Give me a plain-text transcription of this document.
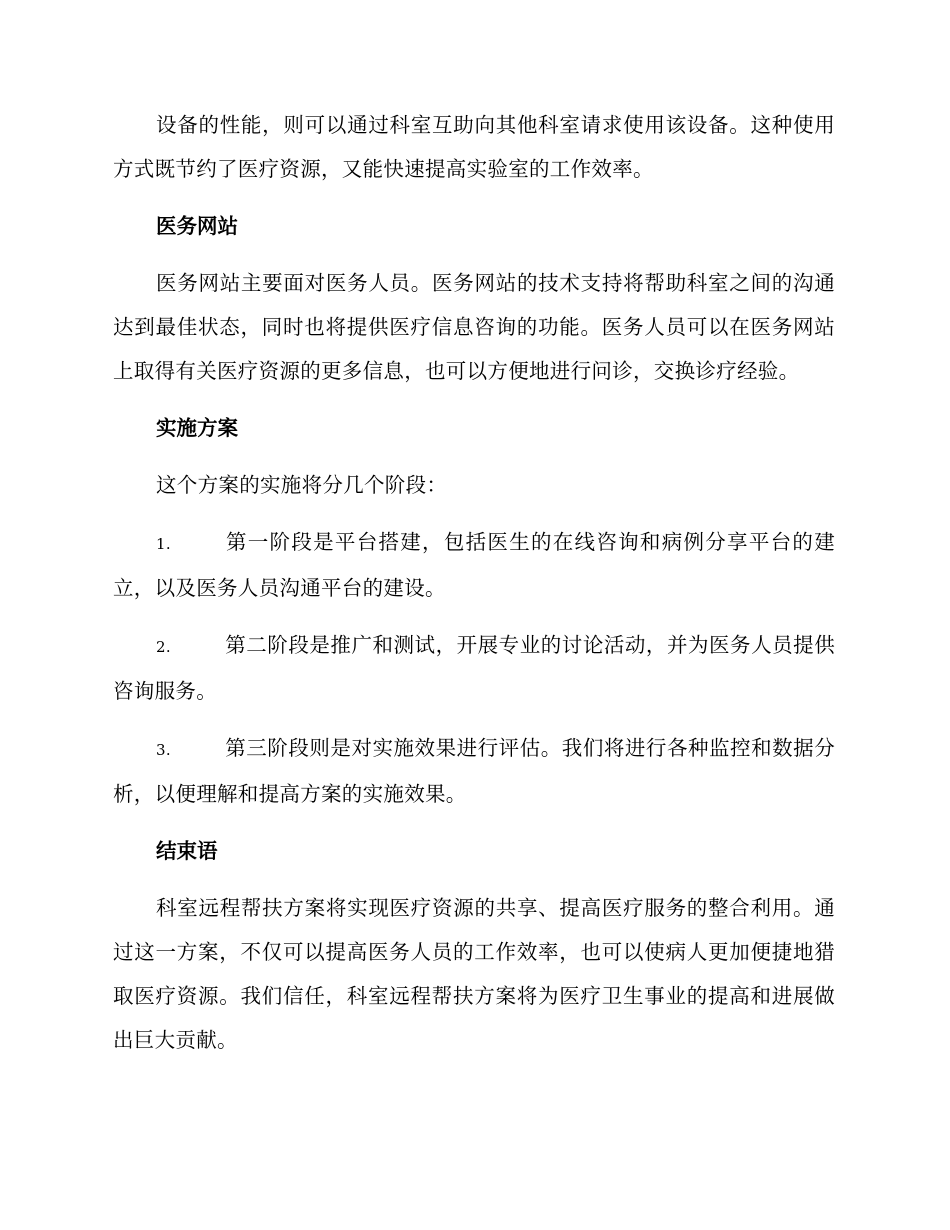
设备的性能，则可以通过科室互助向其他科室请求使用该设备。这种使用方式既节约了医疗资源，又能快速提高实验室的工作效率。

医务网站

医务网站主要面对医务人员。医务网站的技术支持将帮助科室之间的沟通达到最佳状态，同时也将提供医疗信息咨询的功能。医务人员可以在医务网站上取得有关医疗资源的更多信息，也可以方便地进行问诊，交换诊疗经验。

实施方案

这个方案的实施将分几个阶段：

1.	第一阶段是平台搭建，包括医生的在线咨询和病例分享平台的建立，以及医务人员沟通平台的建设。

2.	第二阶段是推广和测试，开展专业的讨论活动，并为医务人员提供咨询服务。

3.	第三阶段则是对实施效果进行评估。我们将进行各种监控和数据分析，以便理解和提高方案的实施效果。

结束语

科室远程帮扶方案将实现医疗资源的共享、提高医疗服务的整合利用。通过这一方案，不仅可以提高医务人员的工作效率，也可以使病人更加便捷地猎取医疗资源。我们信任，科室远程帮扶方案将为医疗卫生事业的提高和进展做出巨大贡献。
